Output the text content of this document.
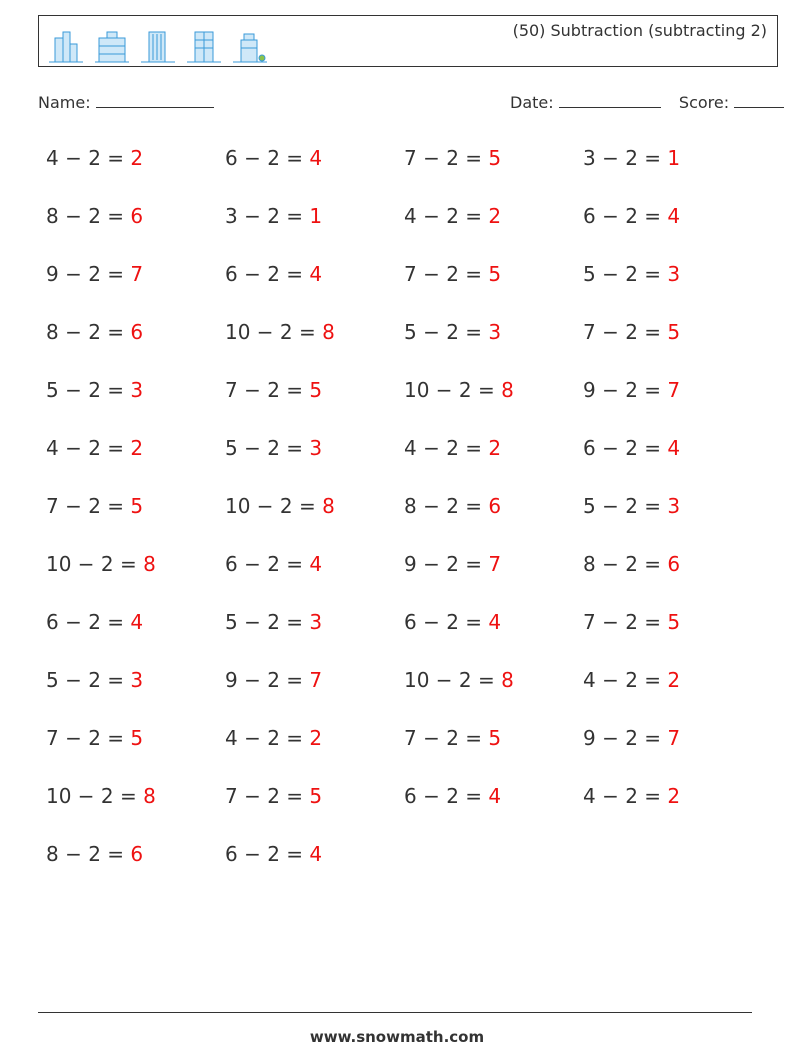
(50) Subtraction (subtracting 2)
Name:	Date:	Score:
4 − 2 = 2	6 − 2 = 4	7 − 2 = 5	3 − 2 = 1
8 − 2 = 6	3 − 2 = 1	4 − 2 = 2	6 − 2 = 4
9 − 2 = 7	6 − 2 = 4	7 − 2 = 5	5 − 2 = 3
8 − 2 = 6	10 − 2 = 8	5 − 2 = 3	7 − 2 = 5
5 − 2 = 3	7 − 2 = 5	10 − 2 = 8	9 − 2 = 7
4 − 2 = 2	5 − 2 = 3	4 − 2 = 2	6 − 2 = 4
7 − 2 = 5	10 − 2 = 8	8 − 2 = 6	5 − 2 = 3
10 − 2 = 8	6 − 2 = 4	9 − 2 = 7	8 − 2 = 6
6 − 2 = 4	5 − 2 = 3	6 − 2 = 4	7 − 2 = 5
5 − 2 = 3	9 − 2 = 7	10 − 2 = 8	4 − 2 = 2
7 − 2 = 5	4 − 2 = 2	7 − 2 = 5	9 − 2 = 7
10 − 2 = 8	7 − 2 = 5	6 − 2 = 4	4 − 2 = 2
8 − 2 = 6	6 − 2 = 4
www.snowmath.com
